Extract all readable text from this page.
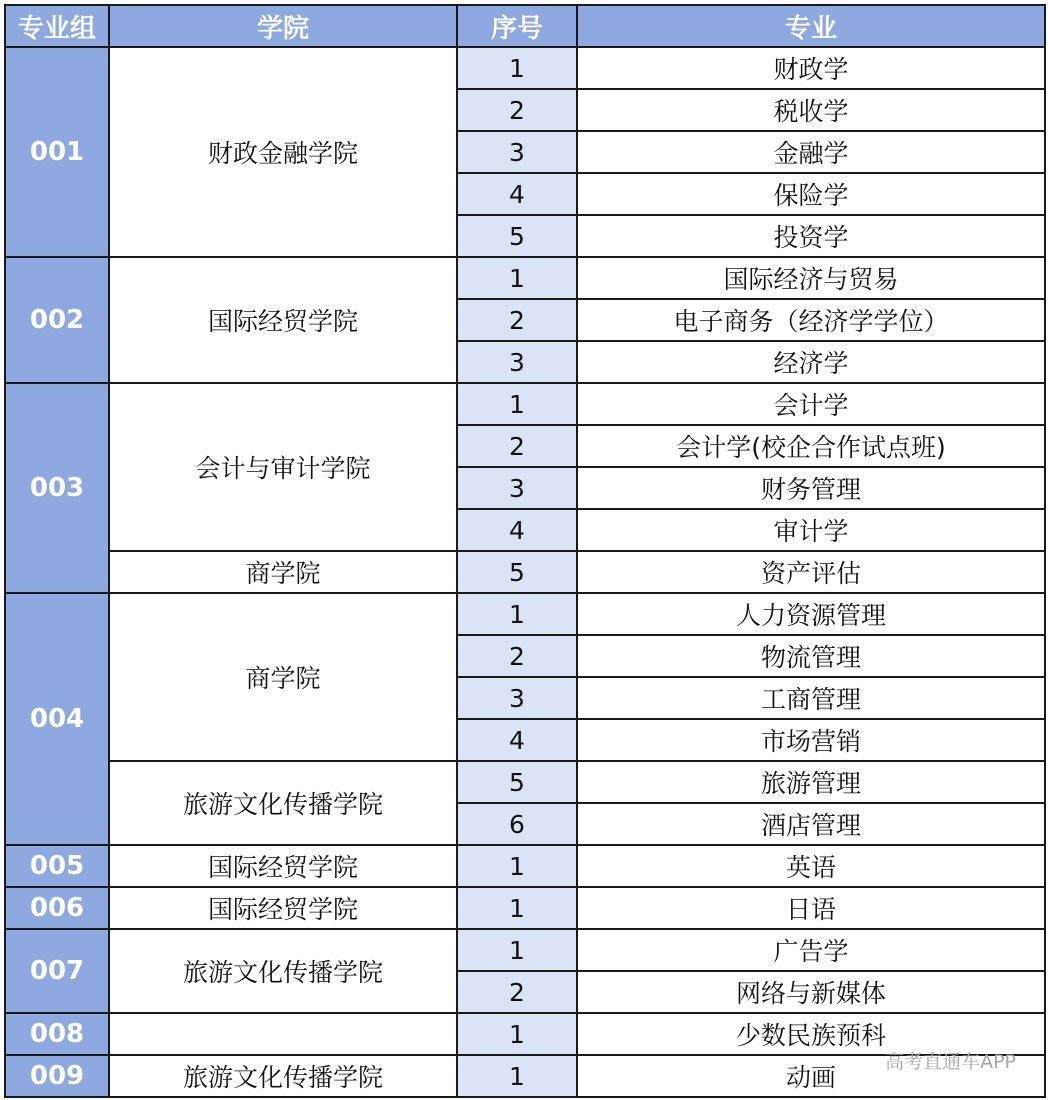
专业组	学院	序号	专业
001	财政金融学院	1	财政学
		2	税收学
		3	金融学
		4	保险学
		5	投资学
002	国际经贸学院	1	国际经济与贸易
		2	电子商务（经济学学位）
		3	经济学
003	会计与审计学院	1	会计学
		2	会计学(校企合作试点班)
		3	财务管理
		4	审计学
	商学院	5	资产评估
004	商学院	1	人力资源管理
		2	物流管理
		3	工商管理
		4	市场营销
	旅游文化传播学院	5	旅游管理
		6	酒店管理
005	国际经贸学院	1	英语
006	国际经贸学院	1	日语
007	旅游文化传播学院	1	广告学
		2	网络与新媒体
008		1	少数民族预科
009	旅游文化传播学院	1	动画
高考直通车APP
